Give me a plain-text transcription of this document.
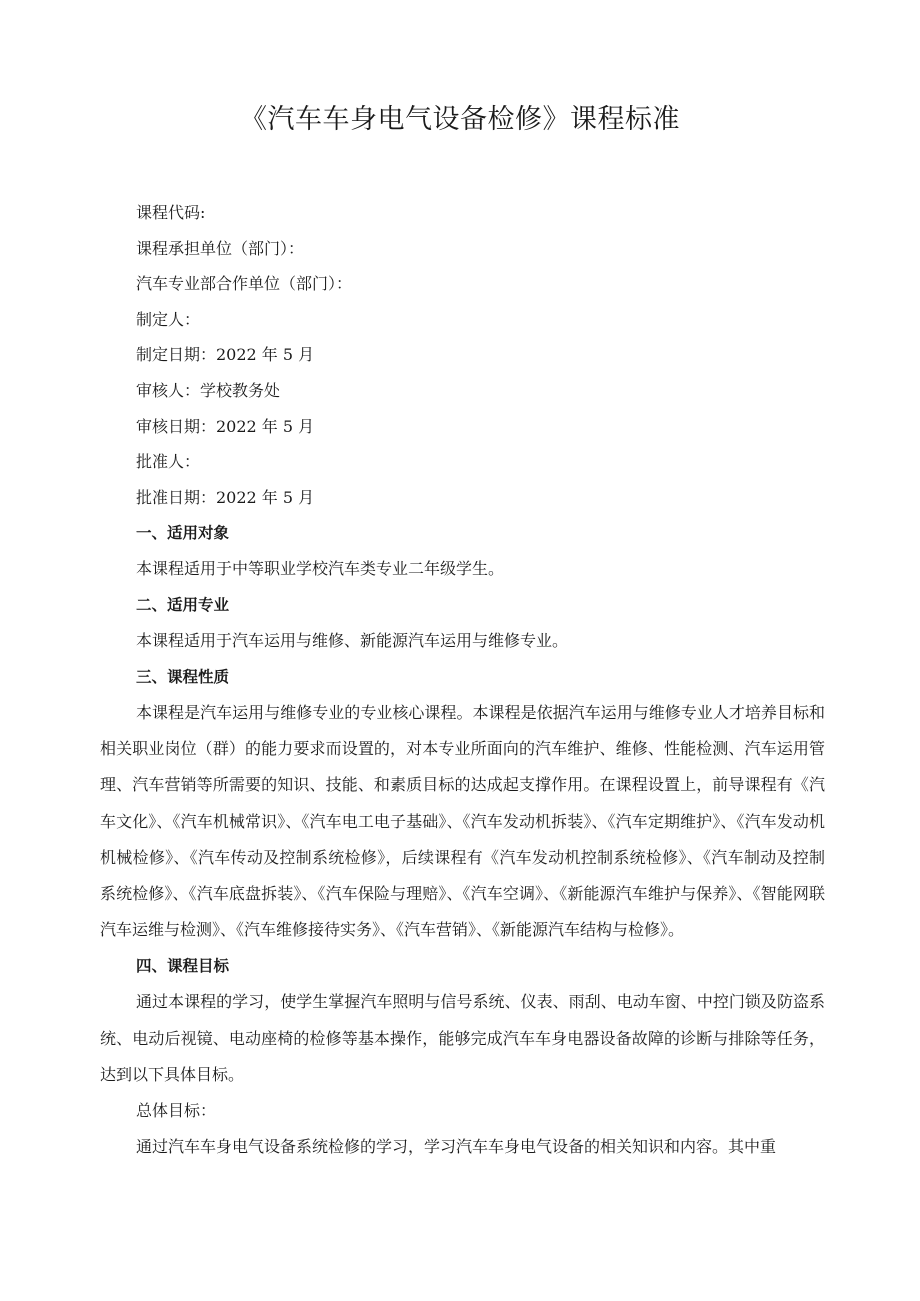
《汽车车身电气设备检修》课程标准
课程代码:
课程承担单位（部门）：
汽车专业部合作单位（部门）：
制定人：
制定日期：2022 年 5 月
审核人：学校教务处
审核日期：2022 年 5 月
批准人：
批准日期：2022 年 5 月
一、适用对象
本课程适用于中等职业学校汽车类专业二年级学生。
二、适用专业
本课程适用于汽车运用与维修、新能源汽车运用与维修专业。
三、课程性质

本课程是汽车运用与维修专业的专业核心课程。本课程是依据汽车运用与维修专业人才培养目标和相关职业岗位（群）的能力要求而设置的，对本专业所面向的汽车维护、维修、性能检测、汽车运用管理、汽车营销等所需要的知识、技能、和素质目标的达成起支撑作用。在课程设置上，前导课程有《汽车文化》、《汽车机械常识》、《汽车电工电子基础》、《汽车发动机拆装》、《汽车定期维护》、《汽车发动机机械检修》、《汽车传动及控制系统检修》，后续课程有《汽车发动机控制系统检修》、《汽车制动及控制系统检修》、《汽车底盘拆装》、《汽车保险与理赔》、《汽车空调》、《新能源汽车维护与保养》、《智能网联汽车运维与检测》、《汽车维修接待实务》、《汽车营销》、《新能源汽车结构与检修》。

四、课程目标

通过本课程的学习，使学生掌握汽车照明与信号系统、仪表、雨刮、电动车窗、中控门锁及防盗系统、电动后视镜、电动座椅的检修等基本操作，能够完成汽车车身电器设备故障的诊断与排除等任务，达到以下具体目标。

总体目标：

通过汽车车身电气设备系统检修的学习，学习汽车车身电气设备的相关知识和内容。其中重
